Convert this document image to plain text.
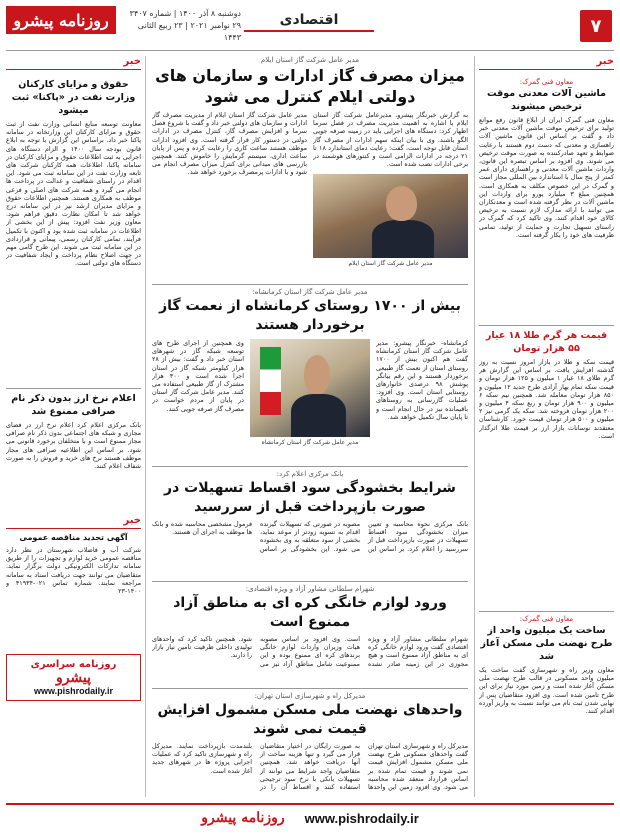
۷
اقتصادی
روزنامه پیشرو	دوشنبه ۸ آذر ۱۴۰۰ | شماره ۳۴۰۷
۲۹ نوامبر ۲۰۲۱ | ۲۳ ربیع الثانی ۱۴۴۳
خبر
معاون فنی گمرک:
ماشین آلات معدنی موقت ترخیص میشوند
معاون فنی گمرک ایران از ابلاغ قانون رفع موانع تولید برای ترخیص موقت ماشین آلات معدنی خبر داد و گفت بر اساس این قانون ماشین آلات راهسازی و معدنی که دست دوم هستند با رعایت ضوابط و تعهد صادرکننده به صورت موقت ترخیص می شوند. وی افزود بر اساس تبصره این قانون، واردات ماشین آلات معدنی و راهسازی دارای عمر کمتر از پنج سال با استاندارد بین المللی مجاز است و گمرک در این خصوص مکلف به همکاری است. همچنین مبلغ ۳ میلیارد یورو برای واردات این ماشین آلات در نظر گرفته شده است و معدنکاران می توانند با ارائه مدارک لازم نسبت به ترخیص کالای خود اقدام کنند. وی تاکید کرد که گمرک در راستای تسهیل تجارت و حمایت از تولید، تمامی ظرفیت های خود را بکار گرفته است.
قیمت هر گرم طلا ۱۸ عیار ۵۵ هزار تومان
قیمت سکه و طلا در بازار امروز نسبت به روز گذشته افزایش یافت. بر اساس این گزارش هر گرم طلای ۱۸ عیار ۱ میلیون و ۱۲۵ هزار تومان و قیمت سکه تمام بهار آزادی طرح جدید ۱۲ میلیون و ۸۵۰ هزار تومان معامله شد. همچنین نیم سکه ۶ میلیون و ۹۰۰ هزار تومان و ربع سکه ۴ میلیون و ۲۰۰ هزار تومان فروخته شد. سکه یک گرمی نیز ۲ میلیون و ۵۰۰ هزار تومان قیمت خورد. کارشناسان معتقدند نوسانات بازار ارز بر قیمت طلا اثرگذار است.
معاون فنی گمرک:
ساخت یک میلیون واحد از طرح نهضت ملی مسکن آغاز شد
معاون وزیر راه و شهرسازی گفت ساخت یک میلیون واحد مسکونی در قالب طرح نهضت ملی مسکن آغاز شده است و زمین مورد نیاز برای این طرح تامین شده است. وی افزود متقاضیان پس از نهایی شدن ثبت نام می توانند نسبت به واریز آورده اقدام کنند.
خبر
حقوق و مزایای کارکنان وزارت نفت در «پاکنا» ثبت میشود
معاونت توسعه منابع انسانی وزارت نفت از ثبت حقوق و مزایای کارکنان این وزارتخانه در سامانه پاکنا خبر داد. براساس این گزارش با توجه به ابلاغ قانون بودجه سال ۱۴۰۰ و الزام دستگاه های اجرایی به ثبت اطلاعات حقوق و مزایای کارکنان در سامانه پاکنا، اطلاعات همه کارکنان شرکت های تابعه وزارت نفت در این سامانه ثبت می شود. این اقدام در راستای شفافیت و عدالت در پرداخت ها انجام می گیرد و همه شرکت های اصلی و فرعی موظف به همکاری هستند. همچنین اطلاعات حقوق و مزایای مدیران ارشد نیز در این سامانه درج خواهد شد تا امکان نظارت دقیق فراهم شود. معاون وزیر نفت افزود: پیش از این بخشی از اطلاعات در سامانه ثبت شده بود و اکنون با تکمیل فرآیند، تمامی کارکنان رسمی، پیمانی و قراردادی در این سامانه ثبت می شوند. این طرح گامی مهم در جهت اصلاح نظام پرداخت و ایجاد شفافیت در دستگاه های دولتی است.
اعلام نرخ ارز بدون ذکر نام صرافی ممنوع شد
بانک مرکزی اعلام کرد اعلام نرخ ارز در فضای مجازی و شبکه های اجتماعی بدون ذکر نام صرافی مجاز ممنوع است و با متخلفان برخورد قانونی می شود. بر اساس این اطلاعیه صرافی های مجاز موظف هستند نرخ های خرید و فروش را به صورت شفاف اعلام کنند.
خبر
آگهی تجدید مناقصه عمومی
شرکت آب و فاضلاب شهرستان در نظر دارد مناقصه عمومی خرید لوازم و تجهیزات را از طریق سامانه تدارکات الکترونیکی دولت برگزار نماید. متقاضیان می توانند جهت دریافت اسناد به سامانه مراجعه نمایند. شماره تماس ۰۲۱-۴۱۹۳۴ و ۱۴۰۰-۲۳
روزنامه سراسری
پیشرو
www.pishrodaily.ir
مدیر عامل شرکت گاز استان ایلام
میزان مصرف گاز ادارات و سازمان های دولتی ایلام کنترل می شود
به گزارش خبرنگار پیشرو، مدیرعامل شرکت گاز استان ایلام با اشاره به اهمیت مدیریت مصرف در فصل سرما اظهار کرد: دستگاه های اجرایی باید در زمینه صرفه جویی الگو باشند. وی با بیان اینکه سهم ادارات از مصرف گاز استان قابل توجه است، گفت: رعایت دمای استاندارد ۱۸ تا ۲۱ درجه در ادارات الزامی است و کنتورهای هوشمند در برخی ادارات نصب شده است.
مدیر عامل شرکت گاز استان ایلام
مدیر عامل شرکت گاز استان ایلام از مدیریت مصرف گاز ادارات و سازمان های دولتی خبر داد و گفت با شروع فصل سرما و افزایش مصرف گاز، کنترل مصرف در ادارات دولتی در دستور کار قرار گرفته است. وی افزود ادارات موظف هستند ساعت کاری را رعایت کرده و پس از پایان ساعت اداری، سیستم گرمایش را خاموش کنند. همچنین بازرسی های میدانی برای کنترل میزان مصرف انجام می شود و با ادارات پرمصرف برخورد خواهد شد.
مدیر عامل شرکت گاز استان کرمانشاه:
بیش از ۱۷۰۰ روستای کرمانشاه از نعمت گاز برخوردار هستند
کرمانشاه- خبرنگار پیشرو: مدیر عامل شرکت گاز استان کرمانشاه گفت هم اکنون بیش از ۱۷۰۰ روستای استان از نعمت گاز طبیعی برخوردار هستند و این رقم بیانگر پوشش ۹۸ درصدی خانوارهای روستایی استان است. وی افزود: عملیات گازرسانی به روستاهای باقیمانده نیز در حال انجام است و تا پایان سال تکمیل خواهد شد.
مدیر عامل شرکت گاز استان کرمانشاه
وی همچنین از اجرای طرح های توسعه شبکه گاز در شهرهای استان خبر داد و گفت: بیش از ۲۸ هزار کیلومتر شبکه گاز در استان اجرا شده است و ۴۰۰ هزار مشترک از گاز طبیعی استفاده می کنند. مدیر عامل شرکت گاز استان در پایان از مردم خواست در مصرف گاز صرفه جویی کنند.
بانک مرکزی اعلام کرد:
شرایط بخشودگی سود اقساط تسهیلات در صورت بازپرداخت قبل از سررسید
بانک مرکزی نحوه محاسبه و تعیین میزان بخشودگی سود اقساط تسهیلات در صورت بازپرداخت قبل از سررسید را اعلام کرد. بر اساس این مصوبه در صورتی که تسهیلات گیرنده اقدام به تسویه زودتر از موعد نماید، بخشی از سود متعلقه به وی بخشوده می شود. این بخشودگی بر اساس فرمول مشخصی محاسبه شده و بانک ها موظف به اجرای آن هستند.
شهرام سلطانی مشاور آزاد و ویژه اقتصادی:
ورود لوازم خانگی کره ای به مناطق آزاد ممنوع است
شهرام سلطانی مشاور آزاد و ویژه اقتصادی گفت ورود لوازم خانگی کره ای به مناطق آزاد ممنوع است و هیچ مجوزی در این زمینه صادر نشده است. وی افزود بر اساس مصوبه هیات وزیران واردات لوازم خانگی برندهای کره ای ممنوع بوده و این ممنوعیت شامل مناطق آزاد نیز می شود. همچنین تاکید کرد که واحدهای تولیدی داخلی ظرفیت تامین نیاز بازار را دارند.
مدیرکل راه و شهرسازی استان تهران:
واحدهای نهضت ملی مسکن مشمول افزایش قیمت نمی شوند
مدیرکل راه و شهرسازی استان تهران گفت واحدهای مسکونی طرح نهضت ملی مسکن مشمول افزایش قیمت نمی شوند و قیمت تمام شده بر اساس قرارداد منعقد شده محاسبه می شود. وی افزود زمین این واحدها به صورت رایگان در اختیار متقاضیان قرار می گیرد و تنها هزینه ساخت از آنها دریافت خواهد شد. همچنین متقاضیان واجد شرایط می توانند از تسهیلات بانکی با نرخ سود ترجیحی استفاده کنند و اقساط آن را در بلندمدت بازپرداخت نمایند. مدیرکل راه و شهرسازی تاکید کرد که عملیات اجرایی پروژه ها در شهرهای جدید آغاز شده است.
www.pishrodaily.ir
روزنامه پیشرو
